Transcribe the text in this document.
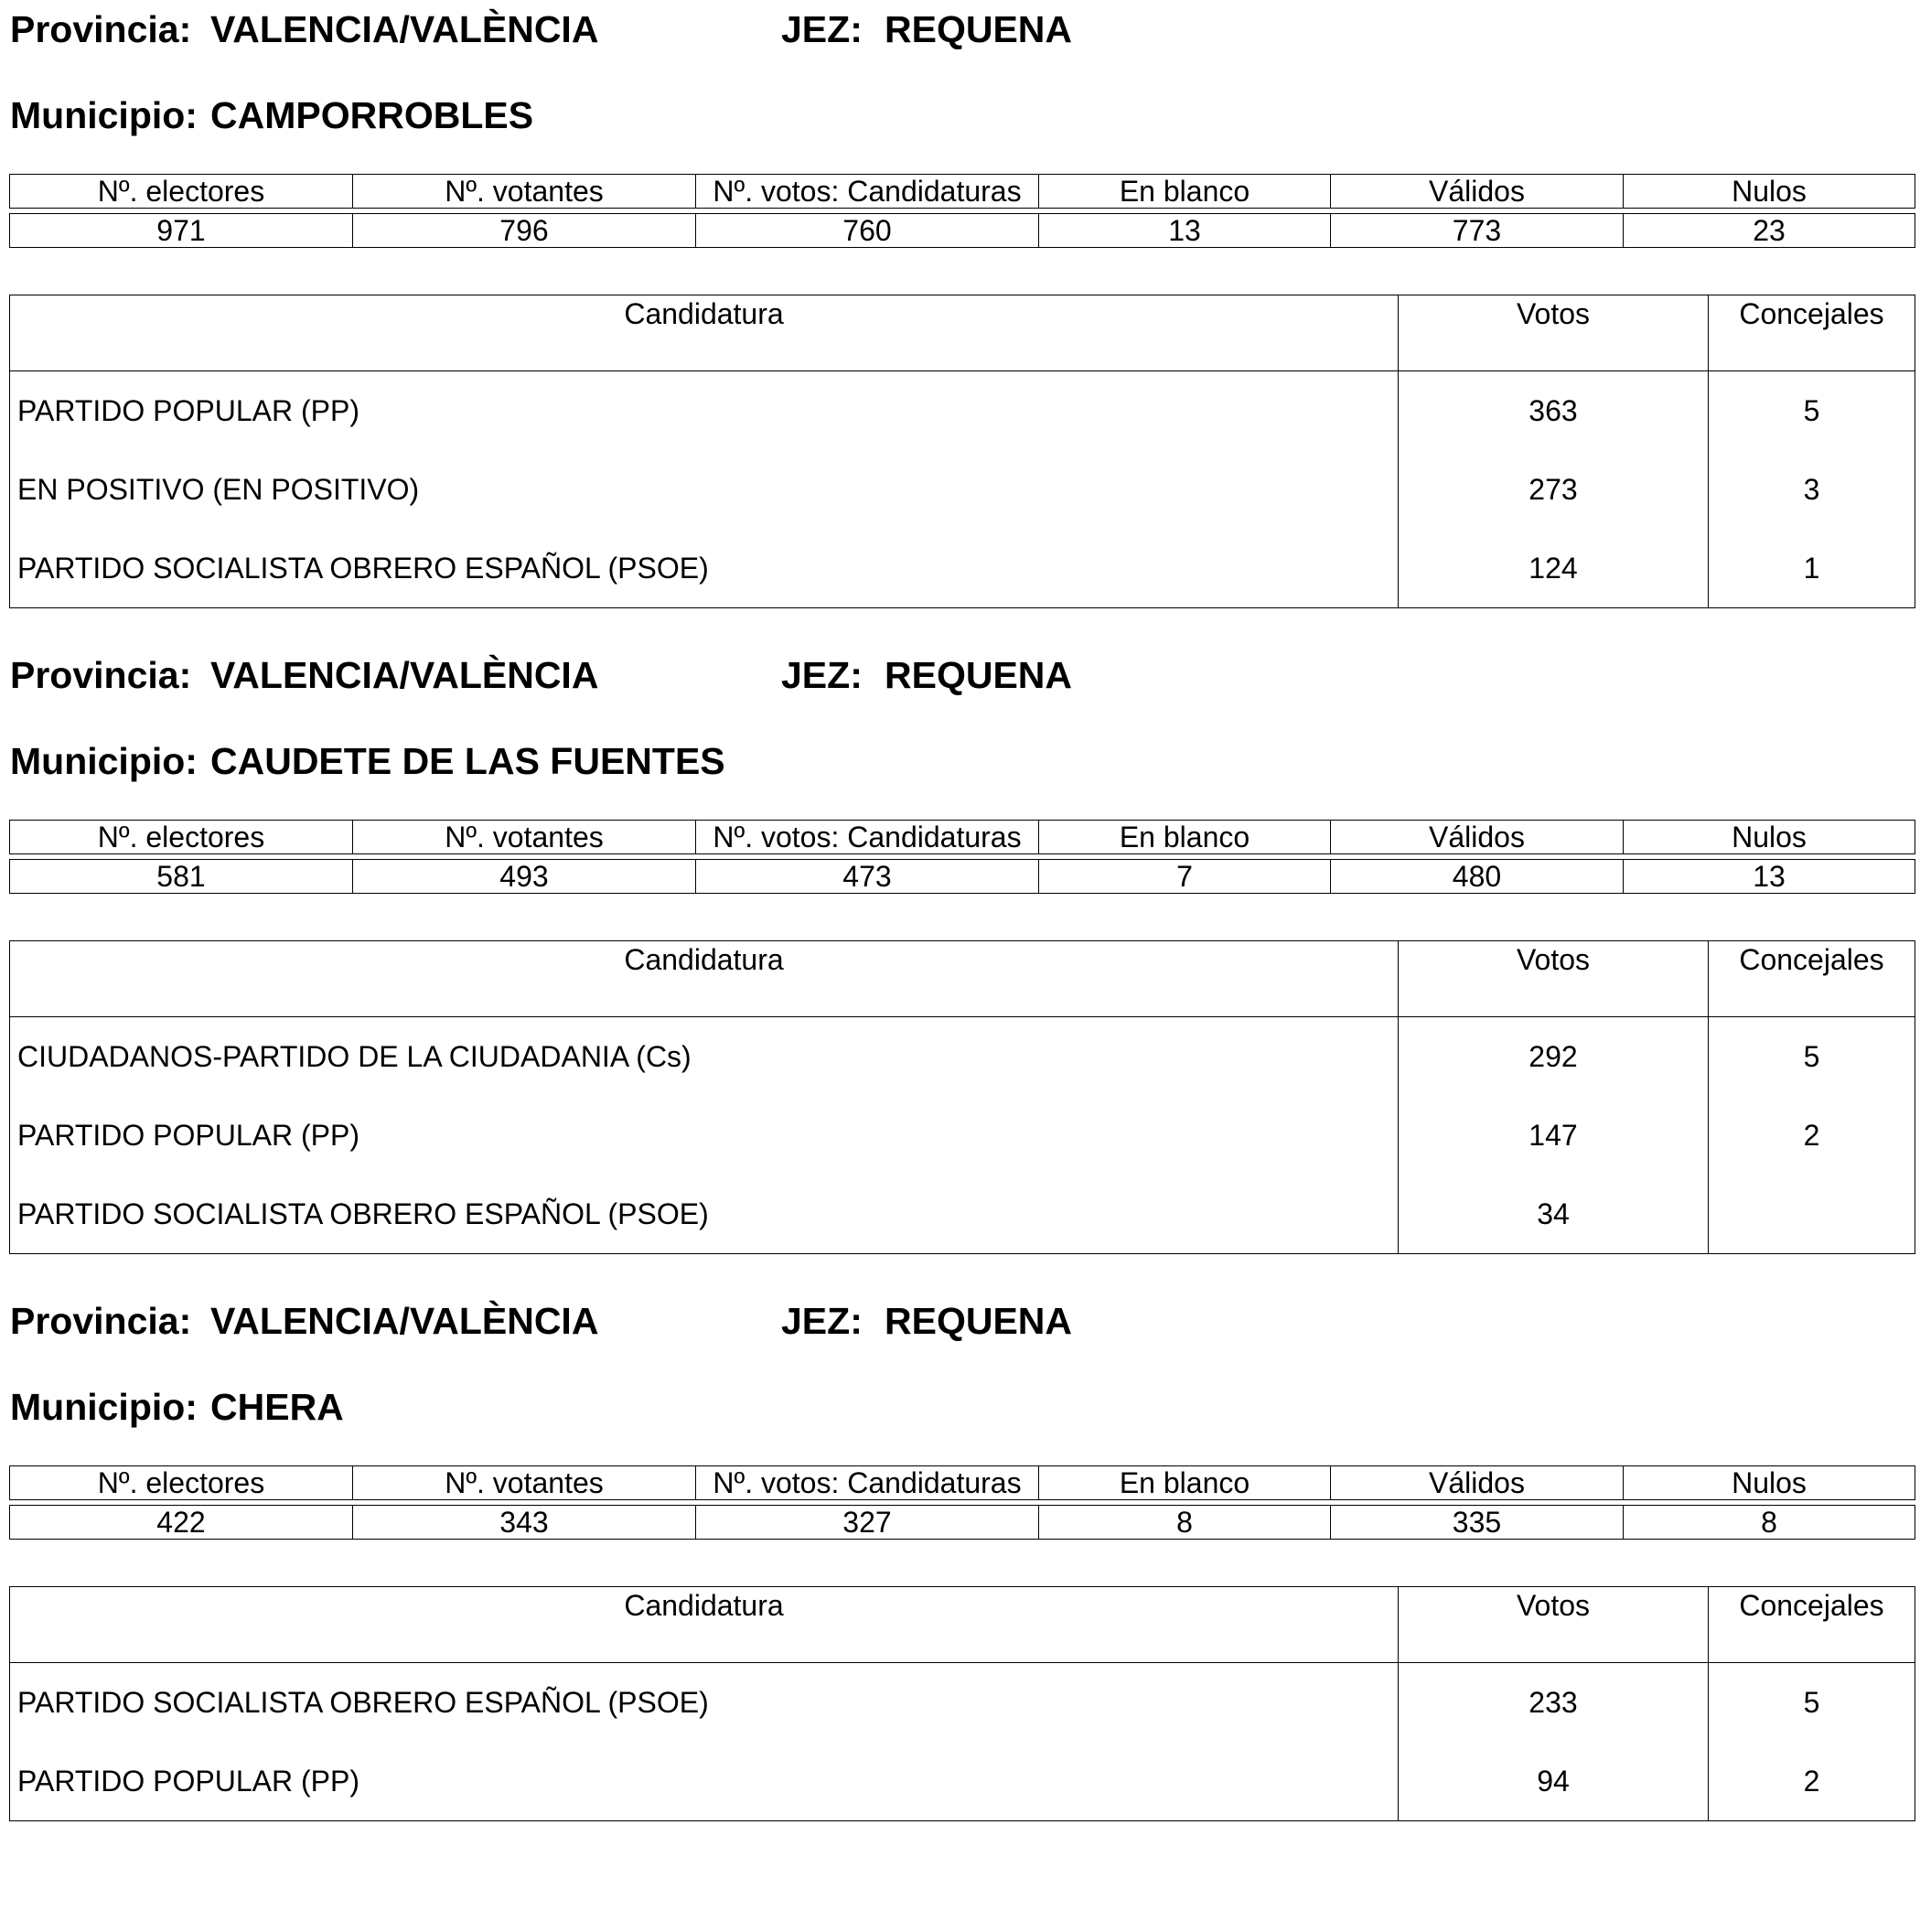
Provincia: VALENCIA/VALÈNCIA	JEZ: REQUENA
Municipio: CAMPORROBLES
Nº. electores	Nº. votantes	Nº. votos: Candidaturas	En blanco	Válidos	Nulos
971	796	760	13	773	23
Candidatura	Votos	Concejales
PARTIDO POPULAR (PP)	363	5
EN POSITIVO (EN POSITIVO)	273	3
PARTIDO SOCIALISTA OBRERO ESPAÑOL (PSOE)	124	1
Provincia: VALENCIA/VALÈNCIA	JEZ: REQUENA
Municipio: CAUDETE DE LAS FUENTES
Nº. electores	Nº. votantes	Nº. votos: Candidaturas	En blanco	Válidos	Nulos
581	493	473	7	480	13
Candidatura	Votos	Concejales
CIUDADANOS-PARTIDO DE LA CIUDADANIA (Cs)	292	5
PARTIDO POPULAR (PP)	147	2
PARTIDO SOCIALISTA OBRERO ESPAÑOL (PSOE)	34	
Provincia: VALENCIA/VALÈNCIA	JEZ: REQUENA
Municipio: CHERA
Nº. electores	Nº. votantes	Nº. votos: Candidaturas	En blanco	Válidos	Nulos
422	343	327	8	335	8
Candidatura	Votos	Concejales
PARTIDO SOCIALISTA OBRERO ESPAÑOL (PSOE)	233	5
PARTIDO POPULAR (PP)	94	2
